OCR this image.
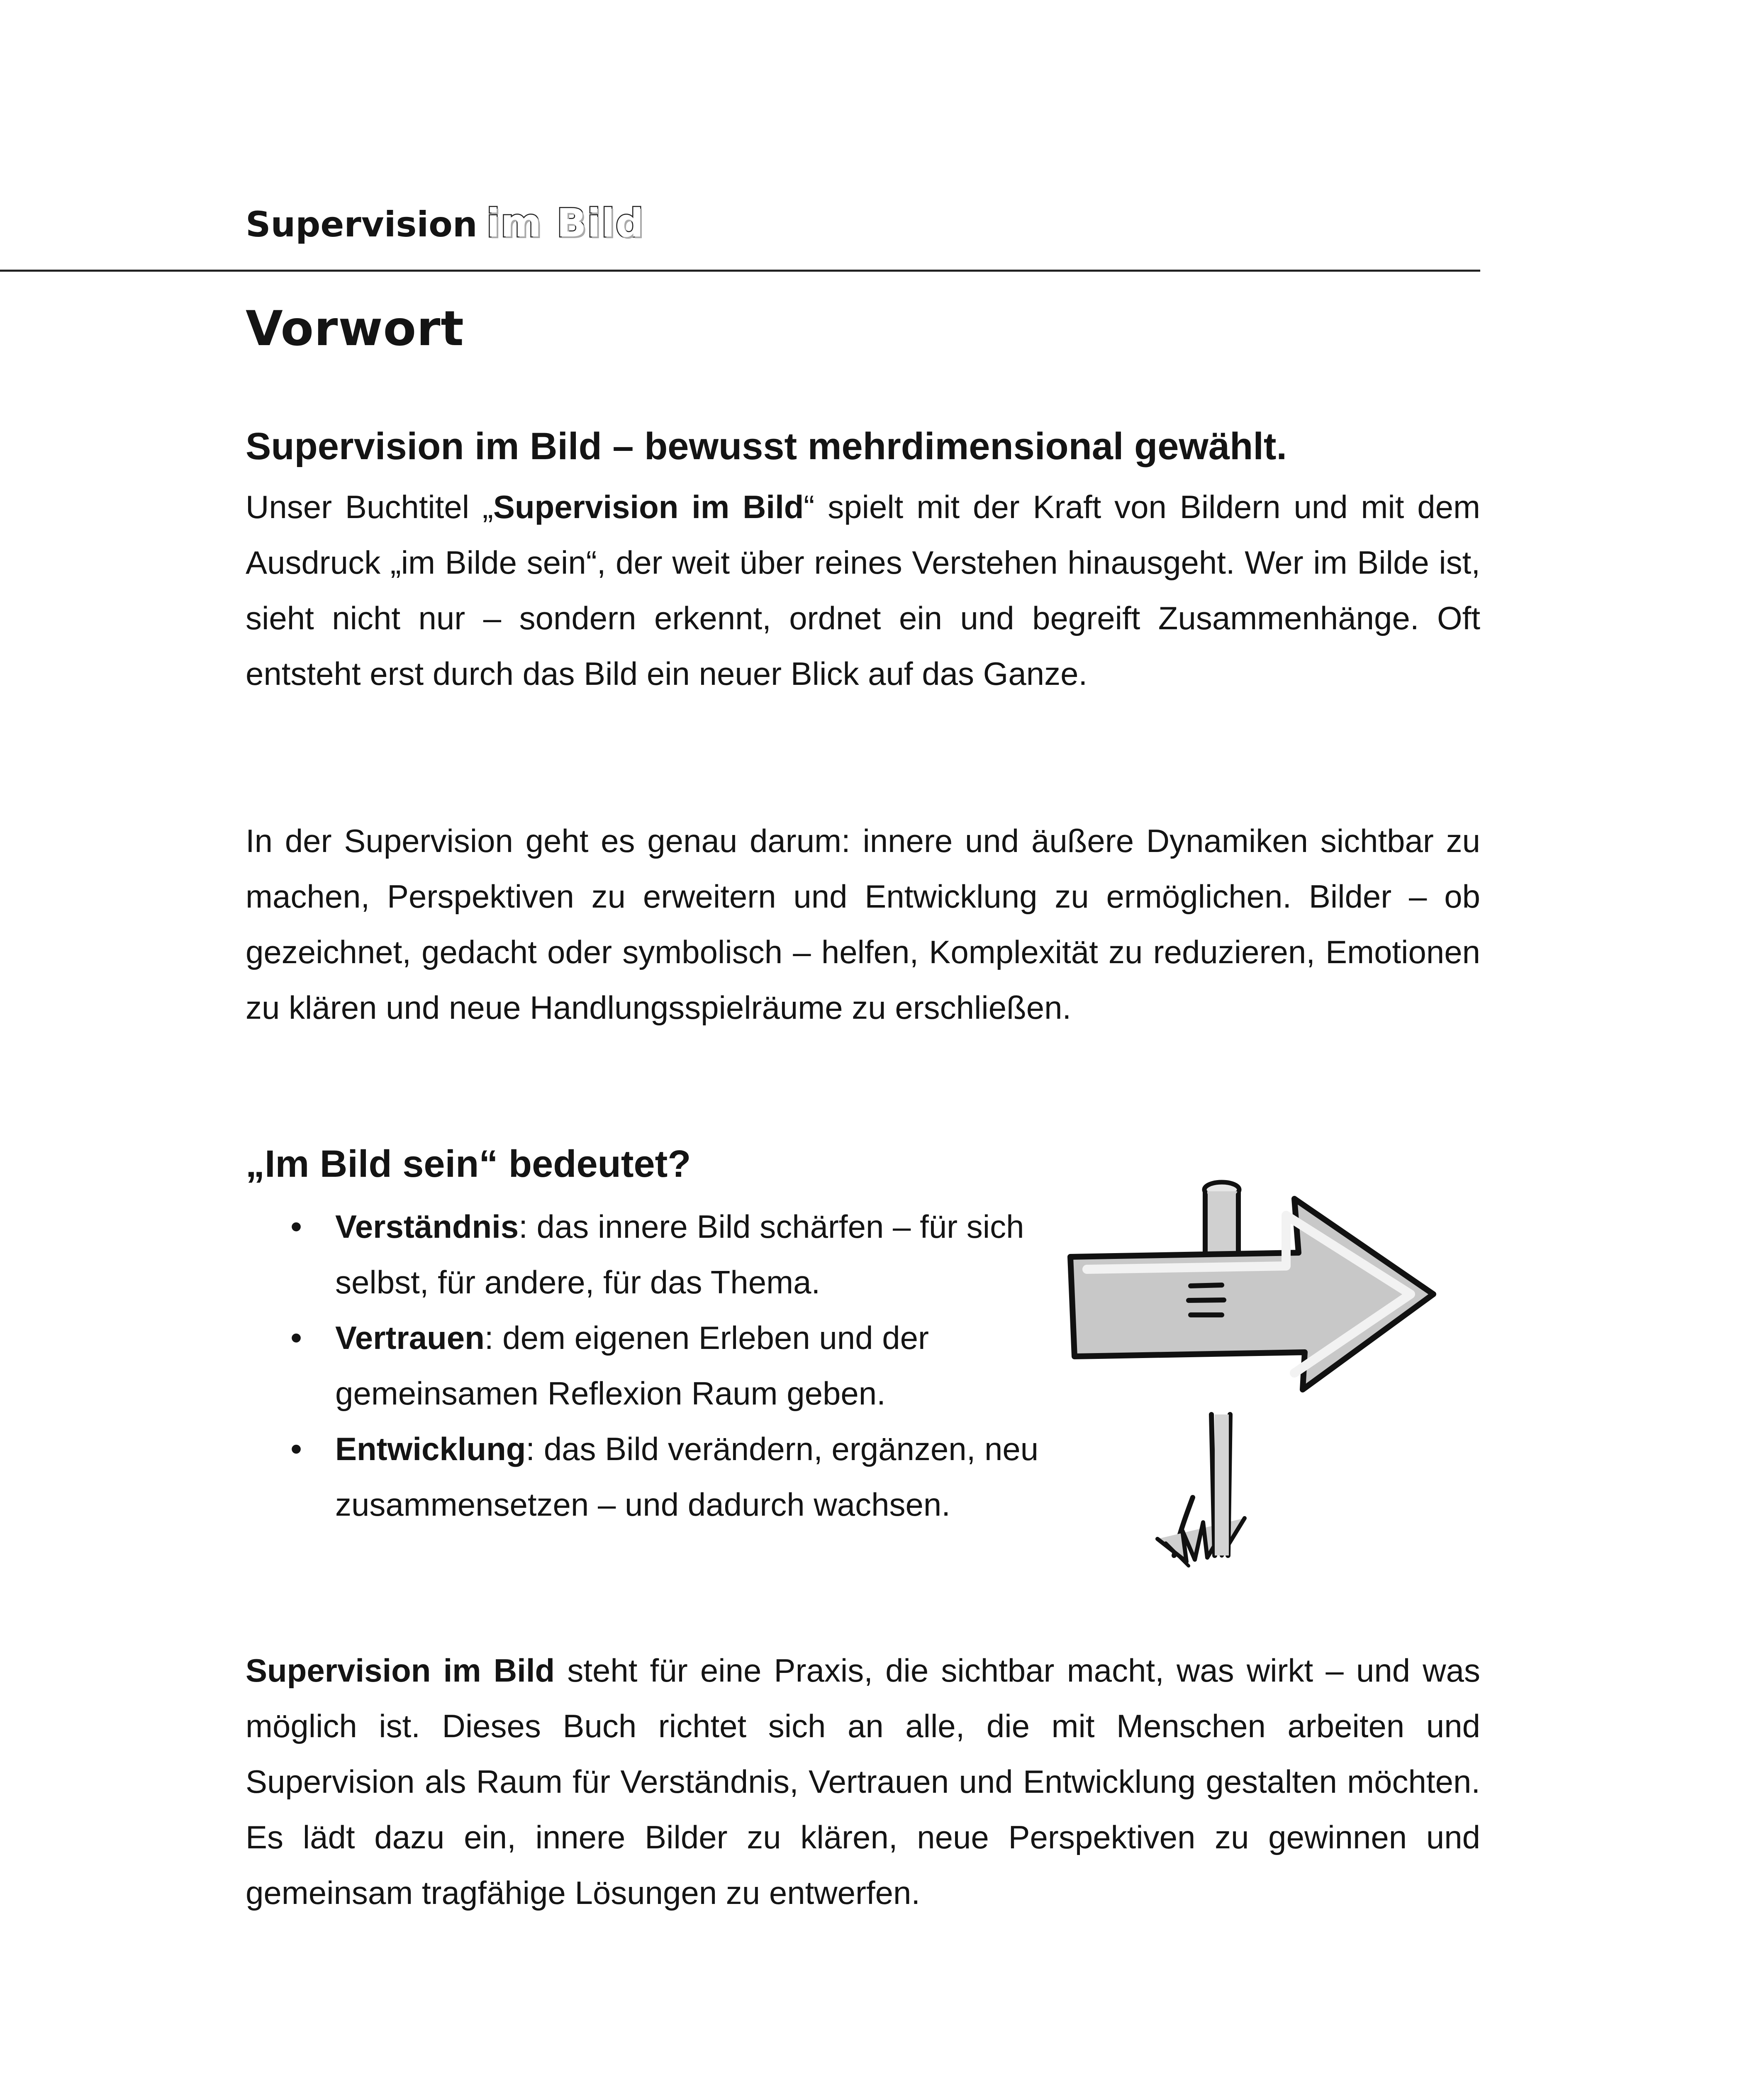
Supervision im Bild
Vorwort
Supervision im Bild – bewusst mehrdimensional gewählt.

Unser Buchtitel „Supervision im Bild“ spielt mit der Kraft von Bildern und mit dem Ausdruck „im Bilde sein“, der weit über reines Verstehen hinausgeht. Wer im Bilde ist, sieht nicht nur – sondern erkennt, ordnet ein und begreift Zusammenhänge. Oft entsteht erst durch das Bild ein neuer Blick auf das Ganze.

In der Supervision geht es genau darum: innere und äußere Dynamiken sichtbar zu machen, Perspektiven zu erweitern und Entwicklung zu ermöglichen. Bilder – ob gezeichnet, gedacht oder symbolisch – helfen, Komplexität zu reduzieren, Emotionen zu klären und neue Handlungsspielräume zu erschließen.

„Im Bild sein“ bedeutet?
• Verständnis: das innere Bild schärfen – für sich selbst, für andere, für das Thema.
• Vertrauen: dem eigenen Erleben und der gemeinsamen Reflexion Raum geben.
• Entwicklung: das Bild verändern, ergänzen, neu zusammensetzen – und dadurch wachsen.

Supervision im Bild steht für eine Praxis, die sichtbar macht, was wirkt – und was möglich ist. Dieses Buch richtet sich an alle, die mit Menschen arbeiten und Supervision als Raum für Verständnis, Vertrauen und Entwicklung gestalten möchten. Es lädt dazu ein, innere Bilder zu klären, neue Perspektiven zu gewinnen und gemeinsam tragfähige Lösungen zu entwerfen.
